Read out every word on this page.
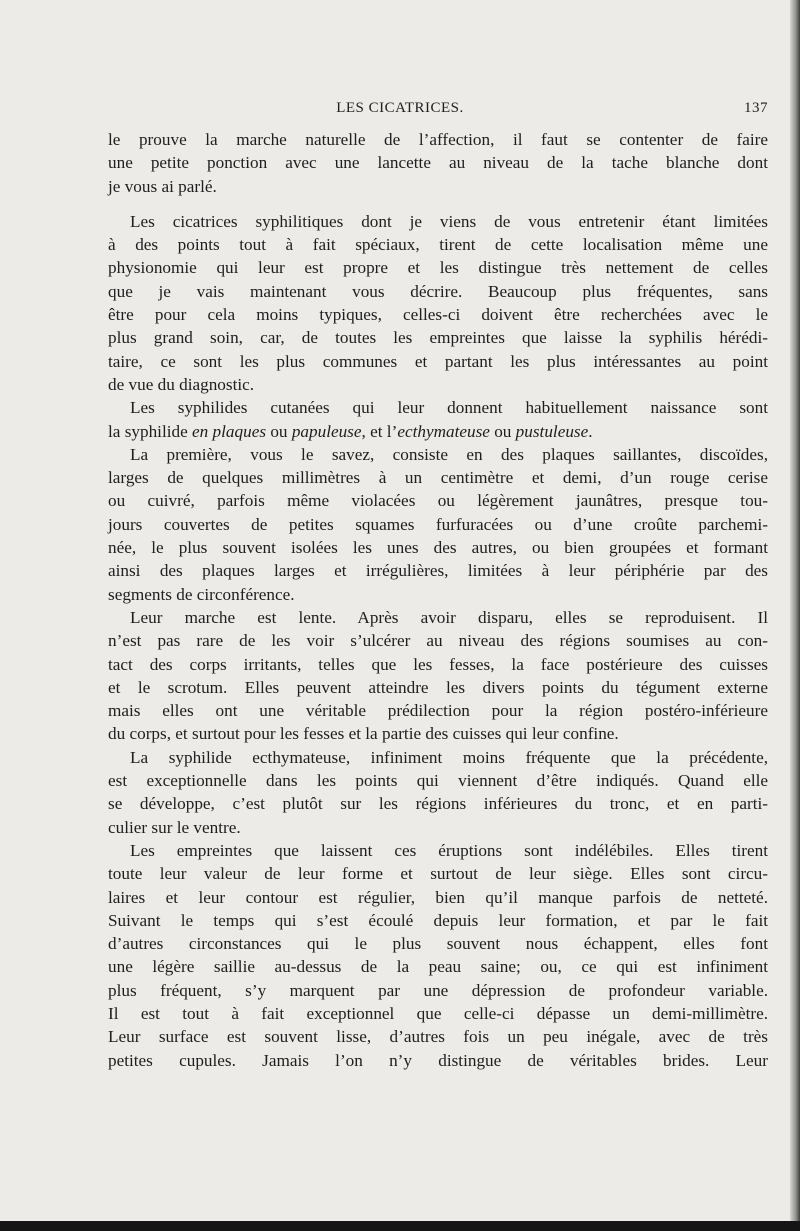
LES CICATRICES.	137
le prouve la marche naturelle de l’affection, il faut se contenter de faire
une petite ponction avec une lancette au niveau de la tache blanche dont
je vous ai parlé.
Les cicatrices syphilitiques dont je viens de vous entretenir étant limitées
à des points tout à fait spéciaux, tirent de cette localisation même une
physionomie qui leur est propre et les distingue très nettement de celles
que je vais maintenant vous décrire. Beaucoup plus fréquentes, sans
être pour cela moins typiques, celles-ci doivent être recherchées avec le
plus grand soin, car, de toutes les empreintes que laisse la syphilis hérédi-
taire, ce sont les plus communes et partant les plus intéressantes au point
de vue du diagnostic.
Les syphilides cutanées qui leur donnent habituellement naissance sont
la syphilide en plaques ou papuleuse, et l’ecthymateuse ou pustuleuse.
La première, vous le savez, consiste en des plaques saillantes, discoïdes,
larges de quelques millimètres à un centimètre et demi, d’un rouge cerise
ou cuivré, parfois même violacées ou légèrement jaunâtres, presque tou-
jours couvertes de petites squames furfuracées ou d’une croûte parchemi-
née, le plus souvent isolées les unes des autres, ou bien groupées et formant
ainsi des plaques larges et irrégulières, limitées à leur périphérie par des
segments de circonférence.
Leur marche est lente. Après avoir disparu, elles se reproduisent. Il
n’est pas rare de les voir s’ulcérer au niveau des régions soumises au con-
tact des corps irritants, telles que les fesses, la face postérieure des cuisses
et le scrotum. Elles peuvent atteindre les divers points du tégument externe
mais elles ont une véritable prédilection pour la région postéro-inférieure
du corps, et surtout pour les fesses et la partie des cuisses qui leur confine.
La syphilide ecthymateuse, infiniment moins fréquente que la précédente,
est exceptionnelle dans les points qui viennent d’être indiqués. Quand elle
se développe, c’est plutôt sur les régions inférieures du tronc, et en parti-
culier sur le ventre.
Les empreintes que laissent ces éruptions sont indélébiles. Elles tirent
toute leur valeur de leur forme et surtout de leur siège. Elles sont circu-
laires et leur contour est régulier, bien qu’il manque parfois de netteté.
Suivant le temps qui s’est écoulé depuis leur formation, et par le fait
d’autres circonstances qui le plus souvent nous échappent, elles font
une légère saillie au-dessus de la peau saine; ou, ce qui est infiniment
plus fréquent, s’y marquent par une dépression de profondeur variable.
Il est tout à fait exceptionnel que celle-ci dépasse un demi-millimètre.
Leur surface est souvent lisse, d’autres fois un peu inégale, avec de très
petites cupules. Jamais l’on n’y distingue de véritables brides. Leur
